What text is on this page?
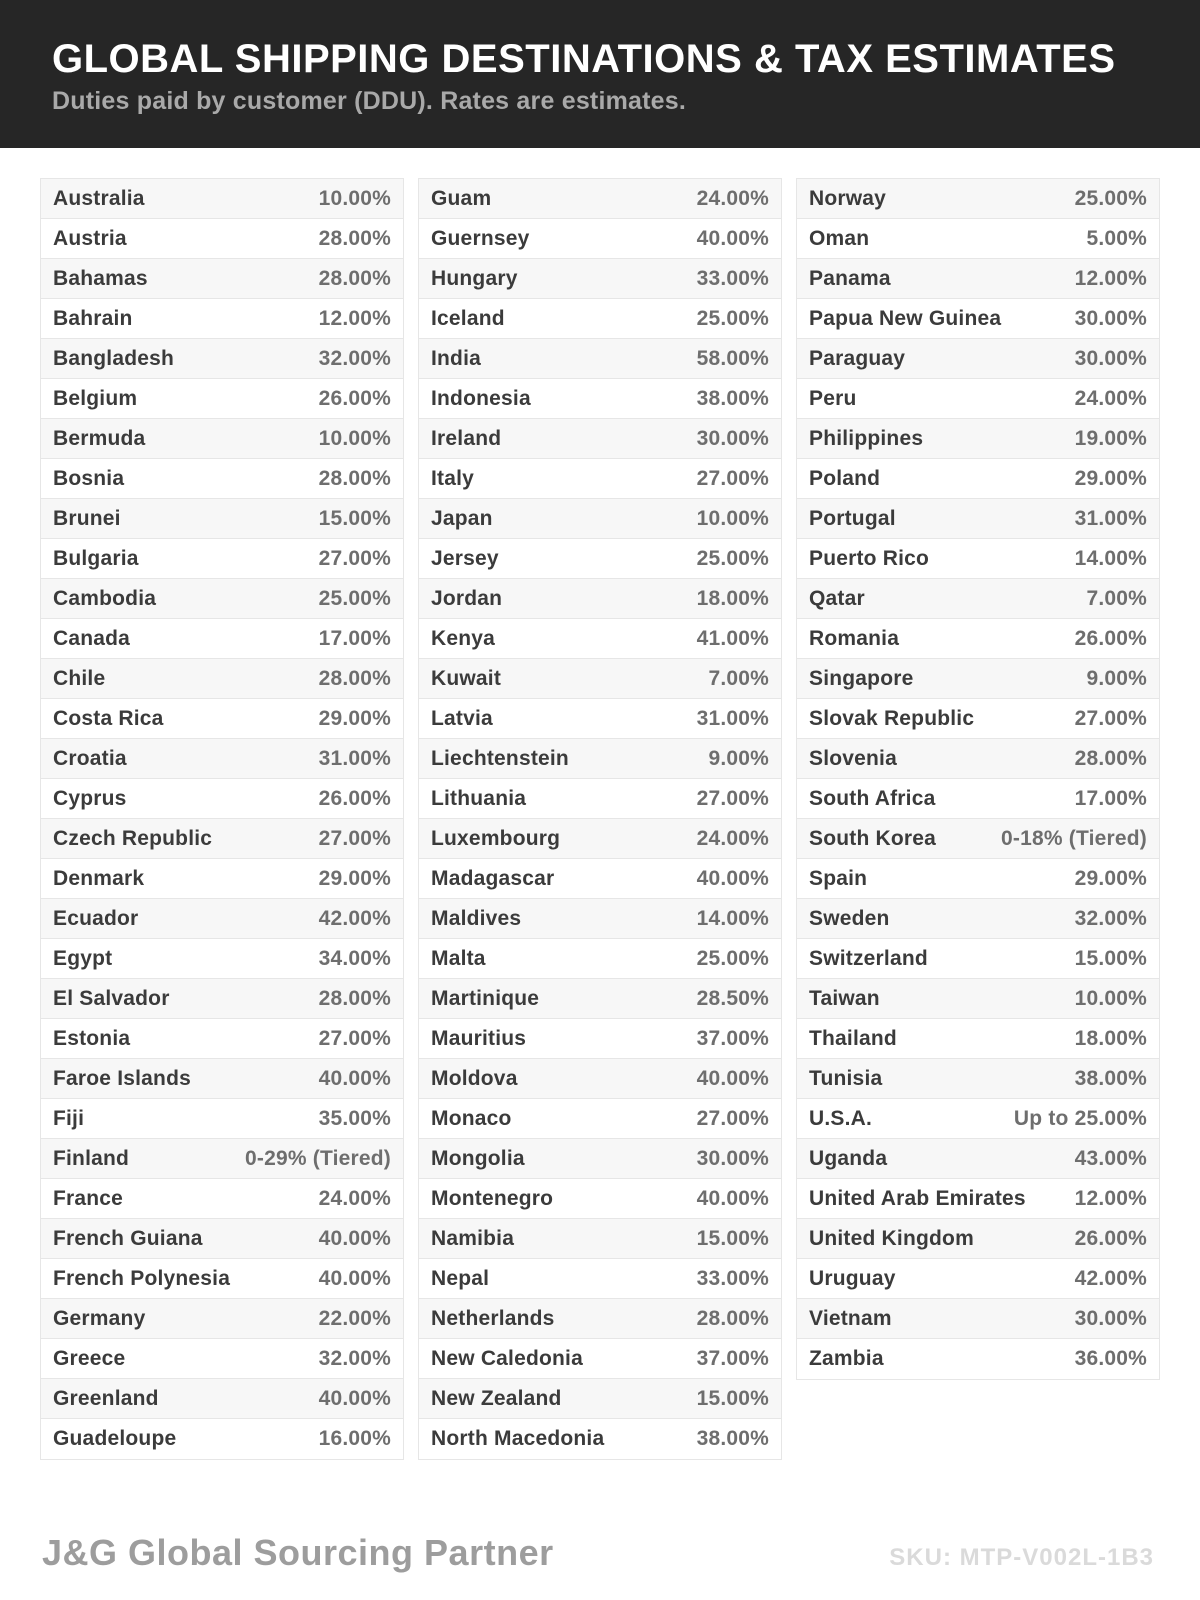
GLOBAL SHIPPING DESTINATIONS & TAX ESTIMATES
Duties paid by customer (DDU). Rates are estimates.
Australia	10.00%
Austria	28.00%
Bahamas	28.00%
Bahrain	12.00%
Bangladesh	32.00%
Belgium	26.00%
Bermuda	10.00%
Bosnia	28.00%
Brunei	15.00%
Bulgaria	27.00%
Cambodia	25.00%
Canada	17.00%
Chile	28.00%
Costa Rica	29.00%
Croatia	31.00%
Cyprus	26.00%
Czech Republic	27.00%
Denmark	29.00%
Ecuador	42.00%
Egypt	34.00%
El Salvador	28.00%
Estonia	27.00%
Faroe Islands	40.00%
Fiji	35.00%
Finland	0-29% (Tiered)
France	24.00%
French Guiana	40.00%
French Polynesia	40.00%
Germany	22.00%
Greece	32.00%
Greenland	40.00%
Guadeloupe	16.00%
Guam	24.00%
Guernsey	40.00%
Hungary	33.00%
Iceland	25.00%
India	58.00%
Indonesia	38.00%
Ireland	30.00%
Italy	27.00%
Japan	10.00%
Jersey	25.00%
Jordan	18.00%
Kenya	41.00%
Kuwait	7.00%
Latvia	31.00%
Liechtenstein	9.00%
Lithuania	27.00%
Luxembourg	24.00%
Madagascar	40.00%
Maldives	14.00%
Malta	25.00%
Martinique	28.50%
Mauritius	37.00%
Moldova	40.00%
Monaco	27.00%
Mongolia	30.00%
Montenegro	40.00%
Namibia	15.00%
Nepal	33.00%
Netherlands	28.00%
New Caledonia	37.00%
New Zealand	15.00%
North Macedonia	38.00%
Norway	25.00%
Oman	5.00%
Panama	12.00%
Papua New Guinea	30.00%
Paraguay	30.00%
Peru	24.00%
Philippines	19.00%
Poland	29.00%
Portugal	31.00%
Puerto Rico	14.00%
Qatar	7.00%
Romania	26.00%
Singapore	9.00%
Slovak Republic	27.00%
Slovenia	28.00%
South Africa	17.00%
South Korea	0-18% (Tiered)
Spain	29.00%
Sweden	32.00%
Switzerland	15.00%
Taiwan	10.00%
Thailand	18.00%
Tunisia	38.00%
U.S.A.	Up to 25.00%
Uganda	43.00%
United Arab Emirates 12.00%
United Kingdom	26.00%
Uruguay	42.00%
Vietnam	30.00%
Zambia	36.00%
J&G Global Sourcing Partner	SKU: MTP-V002L-1B3
